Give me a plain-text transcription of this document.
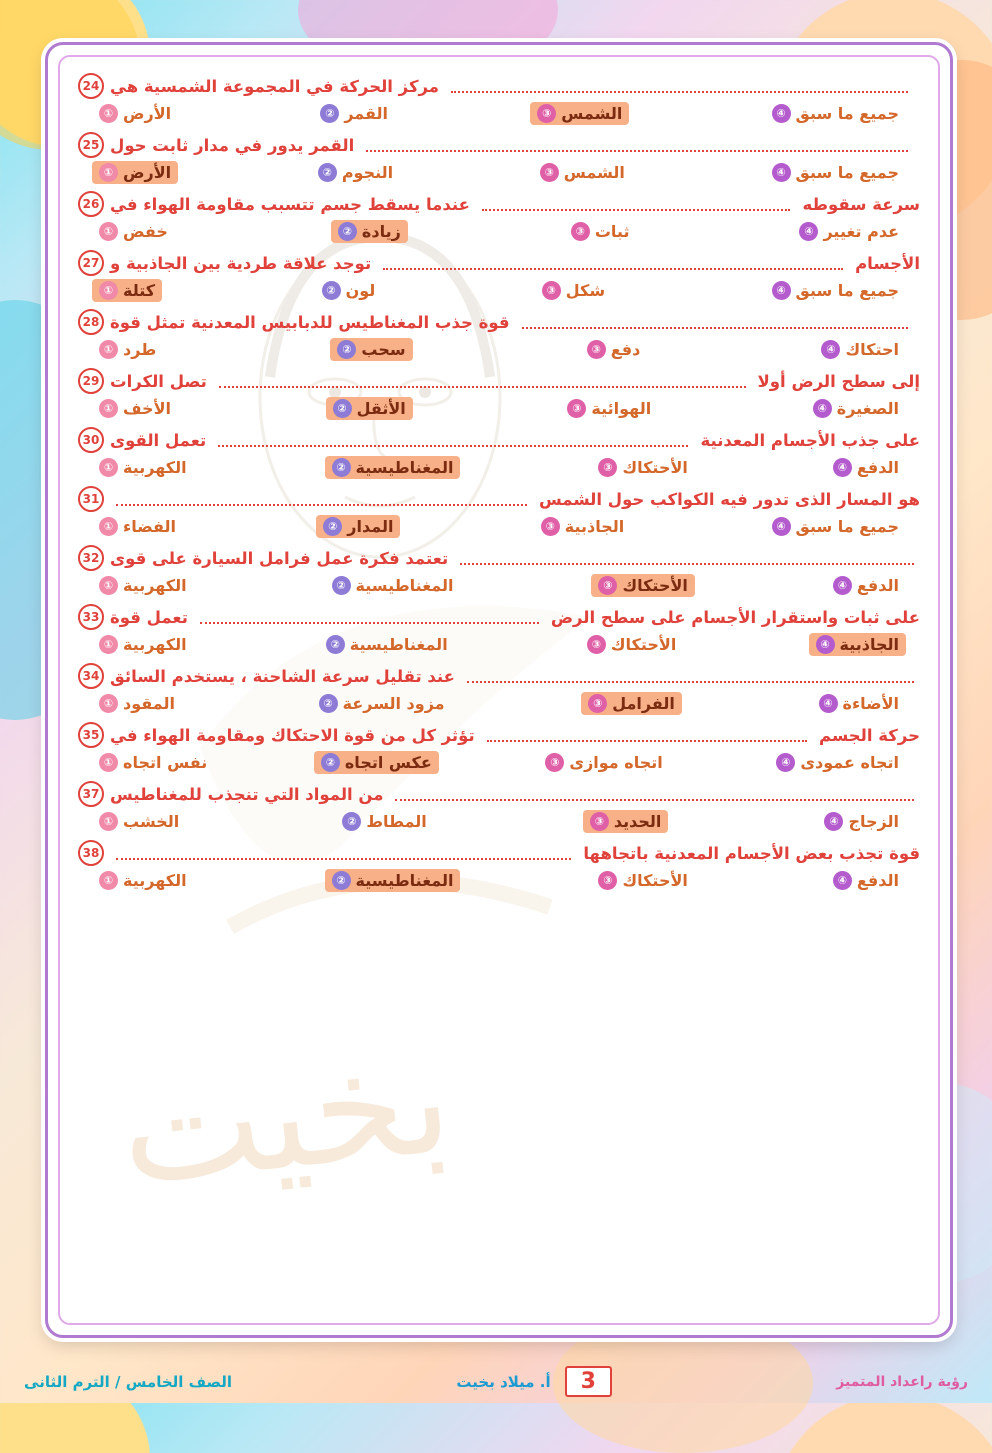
بخيت
24 مركز الحركة في المجموعة الشمسية هي
① الأرض	② القمر	③ الشمس	④ جميع ما سبق
25 القمر يدور في مدار ثابت حول
① الأرض	② النجوم	③ الشمس	④ جميع ما سبق
26 عندما يسقط جسم تتسبب مقاومة الهواء في	سرعة سقوطه
① خفض	② زيادة	③ ثبات	④ عدم تغيير
27 توجد علاقة طردية بين الجاذبية و	الأجسام
① كتلة	② لون	③ شكل	④ جميع ما سبق
28 قوة جذب المغناطيس للدبابيس المعدنية تمثل قوة
① طرد	② سحب	③ دفع	④ احتكاك
29 تصل الكرات	إلى سطح الرض أولا
① الأخف	② الأثقل	③ الهوائية	④ الصغيرة
30 تعمل القوى	على جذب الأجسام المعدنية
① الكهربية	② المغناطيسية	③ الأحتكاك	④ الدفع
31	هو المسار الذى تدور فيه الكواكب حول الشمس
① الفضاء	② المدار	③ الجاذبية	④ جميع ما سبق
32 تعتمد فكرة عمل فرامل السيارة على قوى
① الكهربية	② المغناطيسية	③ الأحتكاك	④ الدفع
33 تعمل قوة	على ثبات واستقرار الأجسام على سطح الرض
① الكهربية	② المغناطيسية	③ الأحتكاك	④ الجاذبية
34 عند تقليل سرعة الشاحنة ، يستخدم السائق
① المقود	② مزود السرعة	③ الفرامل	④ الأضاءة
35 تؤثر كل من قوة الاحتكاك ومقاومة الهواء في	حركة الجسم
① نفس اتجاه	② عكس اتجاه	③ اتجاه موازى	④ اتجاه عمودى
37 من المواد التي تنجذب للمغناطيس
① الخشب	② المطاط	③ الحديد	④ الزجاج
38	قوة تجذب بعض الأجسام المعدنية باتجاهها
① الكهربية	② المغناطيسية	③ الأحتكاك	④ الدفع
الصف الخامس / الترم الثانى	أ. ميلاد بخيت	3	رؤية راعداد المتميز
